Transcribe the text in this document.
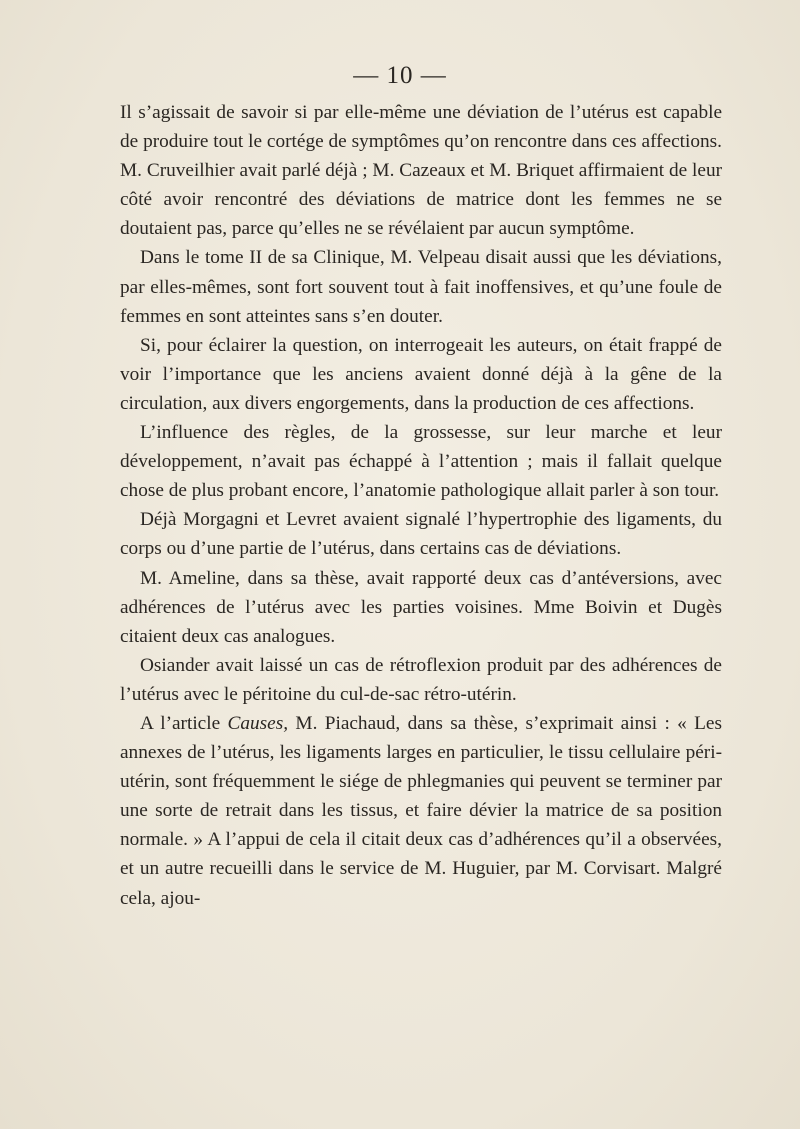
— 10 —

Il s’agissait de savoir si par elle-même une déviation de l’utérus est capable de produire tout le cortége de symptômes qu’on rencontre dans ces affections. M. Cruveilhier avait parlé déjà ; M. Cazeaux et M. Briquet affirmaient de leur côté avoir rencontré des déviations de matrice dont les femmes ne se doutaient pas, parce qu’elles ne se révélaient par aucun symptôme.

Dans le tome II de sa Clinique, M. Velpeau disait aussi que les déviations, par elles-mêmes, sont fort souvent tout à fait inoffensives, et qu’une foule de femmes en sont atteintes sans s’en douter.

Si, pour éclairer la question, on interrogeait les auteurs, on était frappé de voir l’importance que les anciens avaient donné déjà à la gêne de la circulation, aux divers engorgements, dans la production de ces affections.

L’influence des règles, de la grossesse, sur leur marche et leur développement, n’avait pas échappé à l’attention ; mais il fallait quelque chose de plus probant encore, l’anatomie pathologique allait parler à son tour.

Déjà Morgagni et Levret avaient signalé l’hypertrophie des ligaments, du corps ou d’une partie de l’utérus, dans certains cas de déviations.

M. Ameline, dans sa thèse, avait rapporté deux cas d’antéversions, avec adhérences de l’utérus avec les parties voisines. Mme Boivin et Dugès citaient deux cas analogues.

Osiander avait laissé un cas de rétroflexion produit par des adhérences de l’utérus avec le péritoine du cul-de-sac rétro-utérin.

A l’article Causes, M. Piachaud, dans sa thèse, s’exprimait ainsi : « Les annexes de l’utérus, les ligaments larges en particulier, le tissu cellulaire péri-utérin, sont fréquemment le siége de phlegmanies qui peuvent se terminer par une sorte de retrait dans les tissus, et faire dévier la matrice de sa position normale. » A l’appui de cela il citait deux cas d’adhérences qu’il a observées, et un autre recueilli dans le service de M. Huguier, par M. Corvisart. Malgré cela, ajou-
